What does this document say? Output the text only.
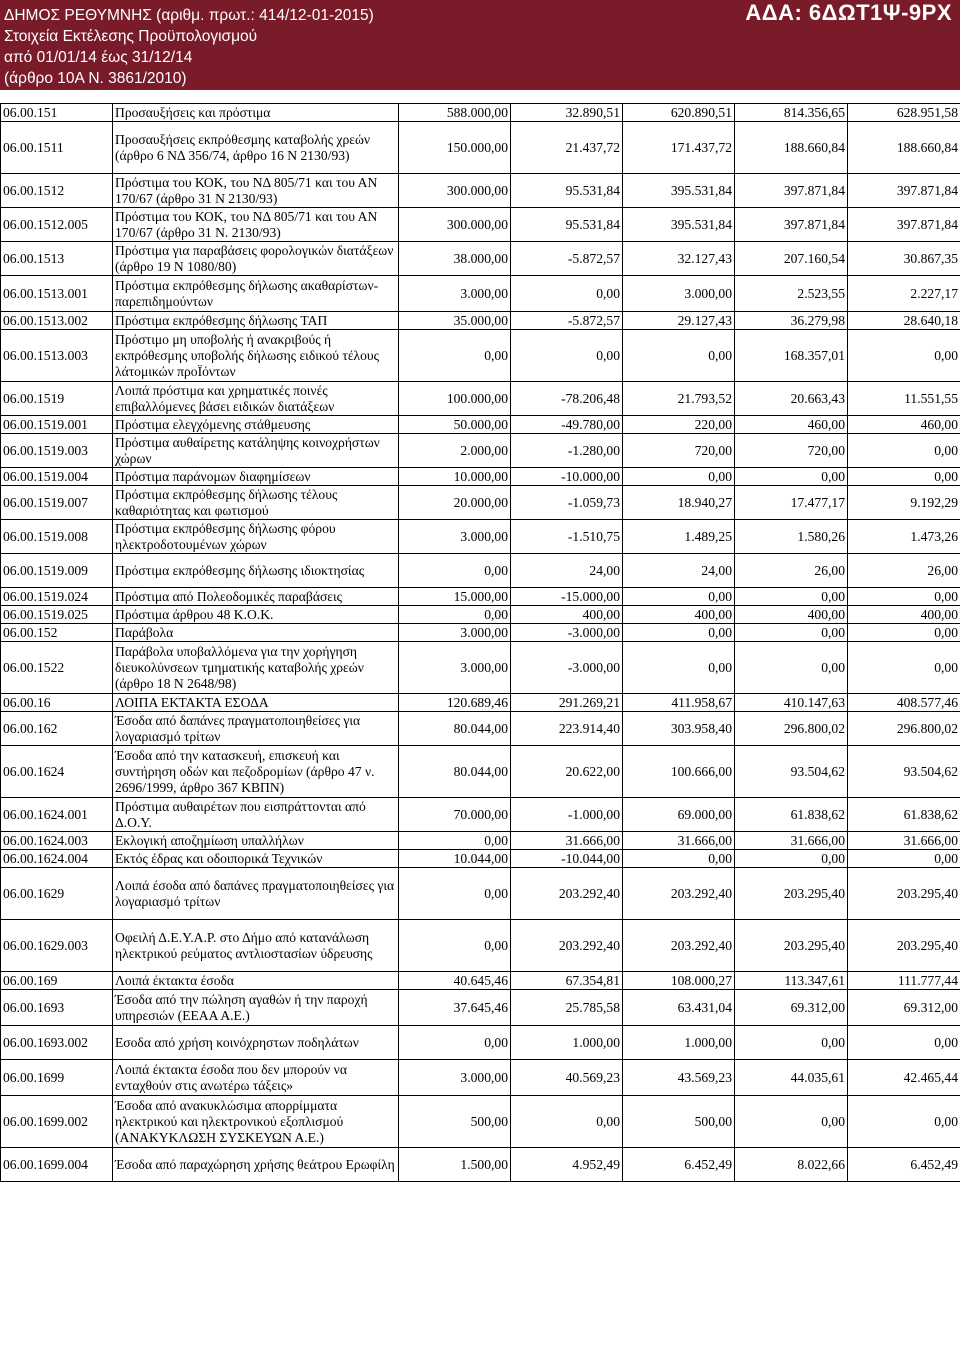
ΔΗΜΟΣ ΡΕΘΥΜΝΗΣ (αριθμ. πρωτ.: 414/12-01-2015)
Στοιχεία Εκτέλεσης Προϋπολογισμού
από 01/01/14 έως 31/12/14
(άρθρο 10Α Ν. 3861/2010)
ΑΔΑ: 6ΔΩΤ1Ψ-9ΡΧ
06.00.151	Προσαυξήσεις και πρόστιμα	588.000,00	32.890,51	620.890,51	814.356,65	628.951,58
06.00.1511	Προσαυξήσεις εκπρόθεσμης καταβολής χρεών (άρθρο 6 ΝΔ 356/74, άρθρο 16 Ν 2130/93)	150.000,00	21.437,72	171.437,72	188.660,84	188.660,84
06.00.1512	Πρόστιμα του ΚΟΚ, του ΝΔ 805/71 και του ΑΝ 170/67 (άρθρο 31 Ν 2130/93)	300.000,00	95.531,84	395.531,84	397.871,84	397.871,84
06.00.1512.005	Πρόστιμα του ΚΟΚ, του ΝΔ 805/71 και του ΑΝ 170/67 (άρθρο 31 Ν. 2130/93)	300.000,00	95.531,84	395.531,84	397.871,84	397.871,84
06.00.1513	Πρόστιμα για παραβάσεις φορολογικών διατάξεων (άρθρο 19 Ν 1080/80)	38.000,00	-5.872,57	32.127,43	207.160,54	30.867,35
06.00.1513.001	Πρόστιμα εκπρόθεσμης δήλωσης ακαθαρίστων-παρεπιδημούντων	3.000,00	0,00	3.000,00	2.523,55	2.227,17
06.00.1513.002	Πρόστιμα εκπρόθεσμης δήλωσης ΤΑΠ	35.000,00	-5.872,57	29.127,43	36.279,98	28.640,18
06.00.1513.003	Πρόστιμο μη υποβολής ή ανακριβούς ή εκπρόθεσμης υποβολής δήλωσης ειδικού τέλους λάτομικών προΪόντων	0,00	0,00	0,00	168.357,01	0,00
06.00.1519	Λοιπά πρόστιμα και χρηματικές ποινές επιβαλλόμενες βάσει ειδικών διατάξεων	100.000,00	-78.206,48	21.793,52	20.663,43	11.551,55
06.00.1519.001	Πρόστιμα ελεγχόμενης στάθμευσης	50.000,00	-49.780,00	220,00	460,00	460,00
06.00.1519.003	Πρόστιμα αυθαίρετης κατάληψης κοινοχρήστων χώρων	2.000,00	-1.280,00	720,00	720,00	0,00
06.00.1519.004	Πρόστιμα παράνομων διαφημίσεων	10.000,00	-10.000,00	0,00	0,00	0,00
06.00.1519.007	Πρόστιμα εκπρόθεσμης δήλωσης τέλους καθαριότητας και φωτισμού	20.000,00	-1.059,73	18.940,27	17.477,17	9.192,29
06.00.1519.008	Πρόστιμα εκπρόθεσμης δήλωσης φόρου ηλεκτροδοτουμένων χώρων	3.000,00	-1.510,75	1.489,25	1.580,26	1.473,26
06.00.1519.009	Πρόστιμα εκπρόθεσμης δήλωσης ιδιοκτησίας	0,00	24,00	24,00	26,00	26,00
06.00.1519.024	Πρόστιμα από Πολεοδομικές παραβάσεις	15.000,00	-15.000,00	0,00	0,00	0,00
06.00.1519.025	Πρόστιμα άρθρου 48 Κ.Ο.Κ.	0,00	400,00	400,00	400,00	400,00
06.00.152	Παράβολα	3.000,00	-3.000,00	0,00	0,00	0,00
06.00.1522	Παράβολα υποβαλλόμενα για την χορήγηση διευκολύνσεων τμηματικής καταβολής χρεών (άρθρο 18 Ν 2648/98)	3.000,00	-3.000,00	0,00	0,00	0,00
06.00.16	ΛΟΙΠΑ ΕΚΤΑΚΤΑ ΕΣΟΔΑ	120.689,46	291.269,21	411.958,67	410.147,63	408.577,46
06.00.162	Έσοδα από δαπάνες πραγματοποιηθείσες για λογαριασμό τρίτων	80.044,00	223.914,40	303.958,40	296.800,02	296.800,02
06.00.1624	Έσοδα από την κατασκευή, επισκευή και συντήρηση οδών και πεζοδρομίων (άρθρο 47 ν. 2696/1999, άρθρο 367 ΚΒΠΝ)	80.044,00	20.622,00	100.666,00	93.504,62	93.504,62
06.00.1624.001	Πρόστιμα αυθαιρέτων που εισπράττονται από Δ.Ο.Υ.	70.000,00	-1.000,00	69.000,00	61.838,62	61.838,62
06.00.1624.003	Εκλογική αποζημίωση υπαλλήλων	0,00	31.666,00	31.666,00	31.666,00	31.666,00
06.00.1624.004	Εκτός έδρας και οδοιπορικά Τεχνικών	10.044,00	-10.044,00	0,00	0,00	0,00
06.00.1629	Λοιπά έσοδα από δαπάνες πραγματοποιηθείσες για λογαριασμό τρίτων	0,00	203.292,40	203.292,40	203.295,40	203.295,40
06.00.1629.003	Οφειλή Δ.Ε.Υ.Α.Ρ. στο Δήμο από κατανάλωση ηλεκτρικού ρεύματος αντλιοστασίων ύδρευσης	0,00	203.292,40	203.292,40	203.295,40	203.295,40
06.00.169	Λοιπά έκτακτα έσοδα	40.645,46	67.354,81	108.000,27	113.347,61	111.777,44
06.00.1693	Έσοδα από την πώληση αγαθών ή την παροχή υπηρεσιών (ΕΕΑΑ Α.Ε.)	37.645,46	25.785,58	63.431,04	69.312,00	69.312,00
06.00.1693.002	Εσοδα από χρήση κοινόχρηστων ποδηλάτων	0,00	1.000,00	1.000,00	0,00	0,00
06.00.1699	Λοιπά έκτακτα έσοδα που δεν μπορούν να ενταχθούν στις ανωτέρω τάξεις»	3.000,00	40.569,23	43.569,23	44.035,61	42.465,44
06.00.1699.002	Έσοδα από ανακυκλώσιμα απορρίμματα ηλεκτρικού και ηλεκτρονικού εξοπλισμού (ΑΝΑΚΥΚΛΩΣΗ ΣΥΣΚΕΥΩΝ Α.Ε.)	500,00	0,00	500,00	0,00	0,00
06.00.1699.004	Έσοδα από παραχώρηση χρήσης θεάτρου Ερωφίλη	1.500,00	4.952,49	6.452,49	8.022,66	6.452,49
